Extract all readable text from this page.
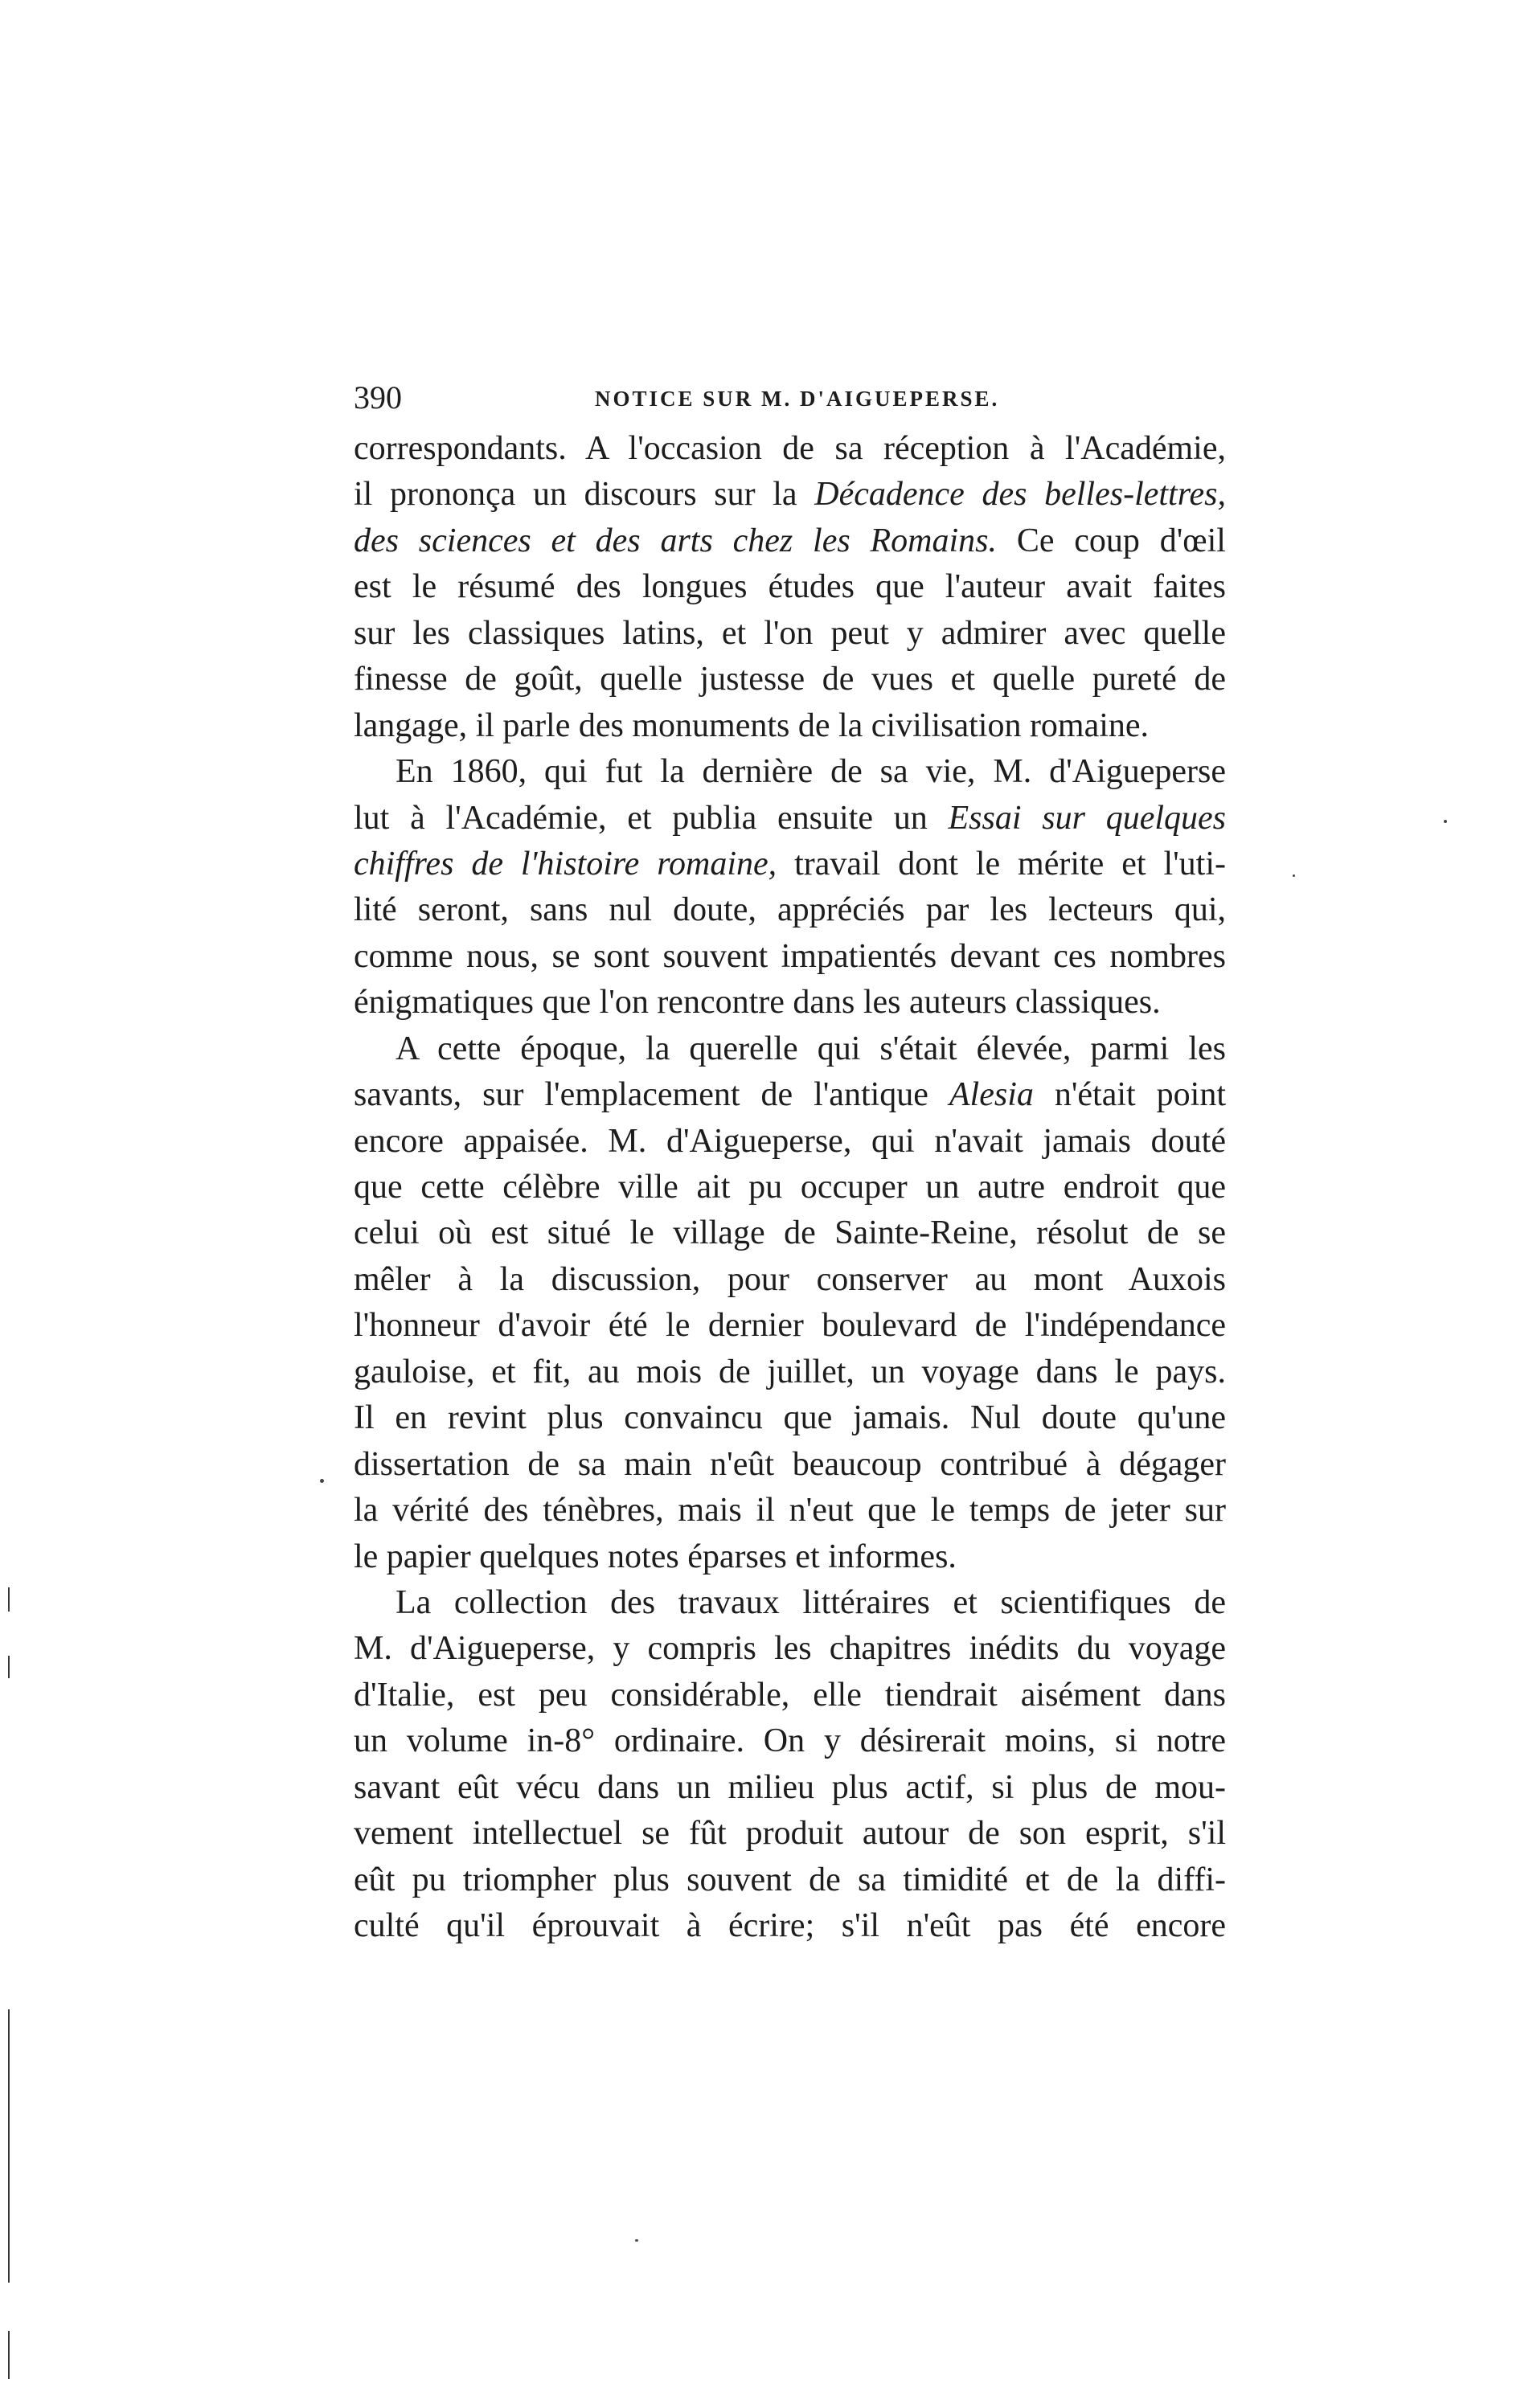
390	NOTICE SUR M. D'AIGUEPERSE.
correspondants. A l'occasion de sa réception à l'Académie,
il prononça un discours sur la Décadence des belles-lettres,
des sciences et des arts chez les Romains. Ce coup d'œil
est le résumé des longues études que l'auteur avait faites
sur les classiques latins, et l'on peut y admirer avec quelle
finesse de goût, quelle justesse de vues et quelle pureté de
langage, il parle des monuments de la civilisation romaine.
En 1860, qui fut la dernière de sa vie, M. d'Aigueperse
lut à l'Académie, et publia ensuite un Essai sur quelques
chiffres de l'histoire romaine, travail dont le mérite et l'uti-
lité seront, sans nul doute, appréciés par les lecteurs qui,
comme nous, se sont souvent impatientés devant ces nombres
énigmatiques que l'on rencontre dans les auteurs classiques.
A cette époque, la querelle qui s'était élevée, parmi les
savants, sur l'emplacement de l'antique Alesia n'était point
encore appaisée. M. d'Aigueperse, qui n'avait jamais douté
que cette célèbre ville ait pu occuper un autre endroit que
celui où est situé le village de Sainte-Reine, résolut de se
mêler à la discussion, pour conserver au mont Auxois
l'honneur d'avoir été le dernier boulevard de l'indépendance
gauloise, et fit, au mois de juillet, un voyage dans le pays.
Il en revint plus convaincu que jamais. Nul doute qu'une
dissertation de sa main n'eût beaucoup contribué à dégager
la vérité des ténèbres, mais il n'eut que le temps de jeter sur
le papier quelques notes éparses et informes.
La collection des travaux littéraires et scientifiques de
M. d'Aigueperse, y compris les chapitres inédits du voyage
d'Italie, est peu considérable, elle tiendrait aisément dans
un volume in-8° ordinaire. On y désirerait moins, si notre
savant eût vécu dans un milieu plus actif, si plus de mou-
vement intellectuel se fût produit autour de son esprit, s'il
eût pu triompher plus souvent de sa timidité et de la diffi-
culté qu'il éprouvait à écrire; s'il n'eût pas été encore
